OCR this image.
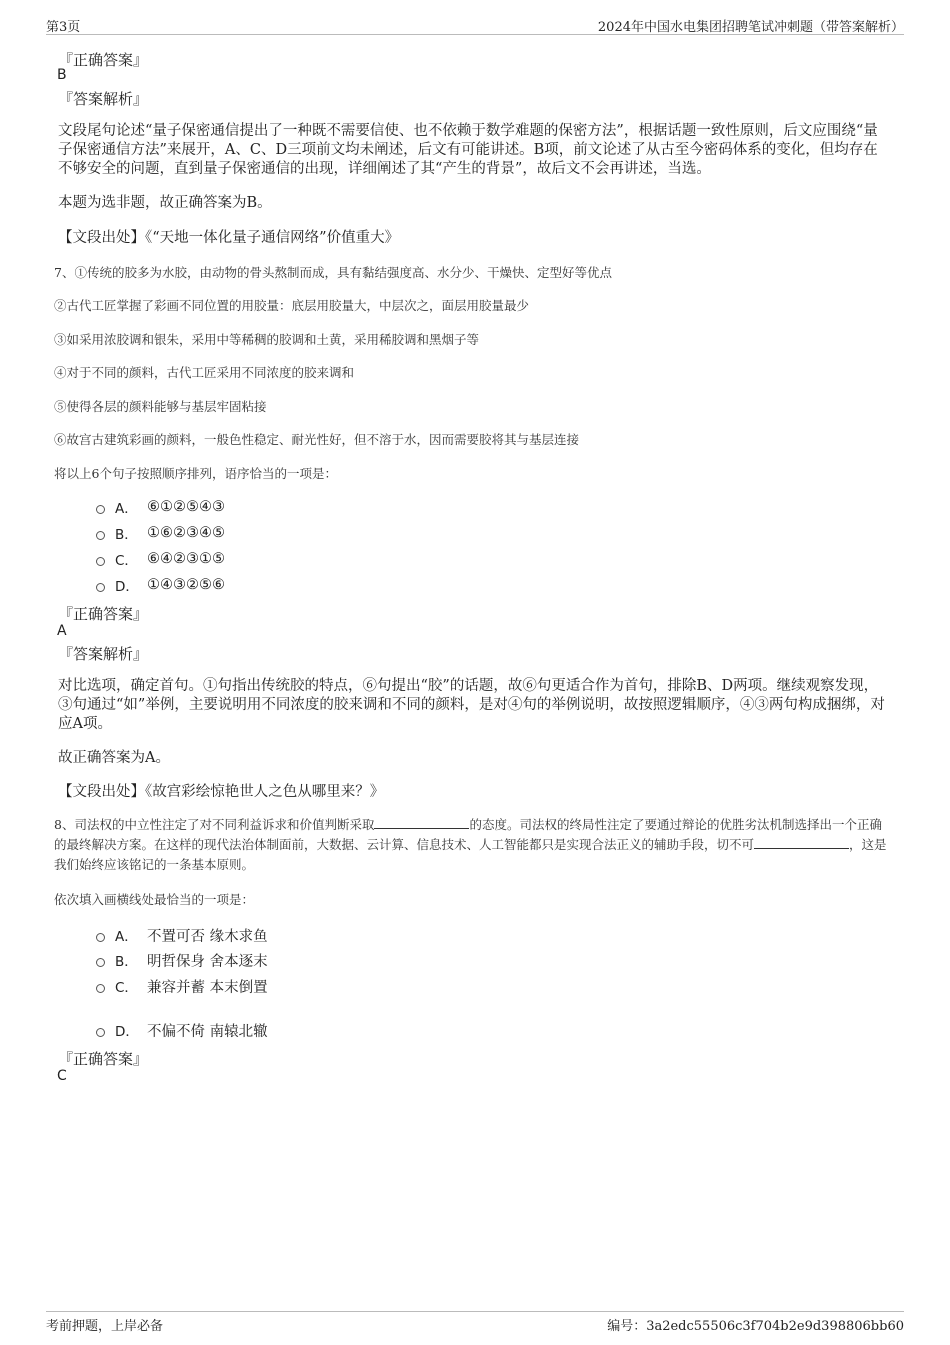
第3页	2024年中国水电集团招聘笔试冲刺题（带答案解析）
『正确答案』
B
『答案解析』
文段尾句论述“量子保密通信提出了一种既不需要信使、也不依赖于数学难题的保密方法”，根据话题一致性原则，后文应围绕“量子保密通信方法”来展开，A、C、D三项前文均未阐述，后文有可能讲述。B项，前文论述了从古至今密码体系的变化，但均存在不够安全的问题，直到量子保密通信的出现，详细阐述了其“产生的背景”，故后文不会再讲述，当选。
本题为选非题，故正确答案为B。
【文段出处】《“天地一体化量子通信网络”价值重大》
7、①传统的胶多为水胶，由动物的骨头熬制而成，具有黏结强度高、水分少、干燥快、定型好等优点
②古代工匠掌握了彩画不同位置的用胶量：底层用胶量大，中层次之，面层用胶量最少
③如采用浓胶调和银朱，采用中等稀稠的胶调和土黄，采用稀胶调和黑烟子等
④对于不同的颜料，古代工匠采用不同浓度的胶来调和
⑤使得各层的颜料能够与基层牢固粘接
⑥故宫古建筑彩画的颜料，一般色性稳定、耐光性好，但不溶于水，因而需要胶将其与基层连接
将以上6个句子按照顺序排列，语序恰当的一项是：
A． ⑥①②⑤④③
B． ①⑥②③④⑤
C． ⑥④②③①⑤
D． ①④③②⑤⑥
『正确答案』
A
『答案解析』
对比选项，确定首句。①句指出传统胶的特点，⑥句提出“胶”的话题，故⑥句更适合作为首句，排除B、D两项。继续观察发现，③句通过“如”举例，主要说明用不同浓度的胶来调和不同的颜料，是对④句的举例说明，故按照逻辑顺序，④③两句构成捆绑，对应A项。
故正确答案为A。
【文段出处】《故宫彩绘惊艳世人之色从哪里来？》
8、司法权的中立性注定了对不同利益诉求和价值判断采取	的态度。司法权的终局性注定了要通过辩论的优胜劣汰机制选择出一个正确的最终解决方案。在这样的现代法治体制面前，大数据、云计算、信息技术、人工智能都只是实现合法正义的辅助手段，切不可	，这是我们始终应该铭记的一条基本原则。
依次填入画横线处最恰当的一项是：
A． 不置可否 缘木求鱼
B． 明哲保身 舍本逐末
C． 兼容并蓄 本末倒置
D． 不偏不倚 南辕北辙
『正确答案』
C
考前押题，上岸必备	编号：3a2edc55506c3f704b2e9d398806bb60
